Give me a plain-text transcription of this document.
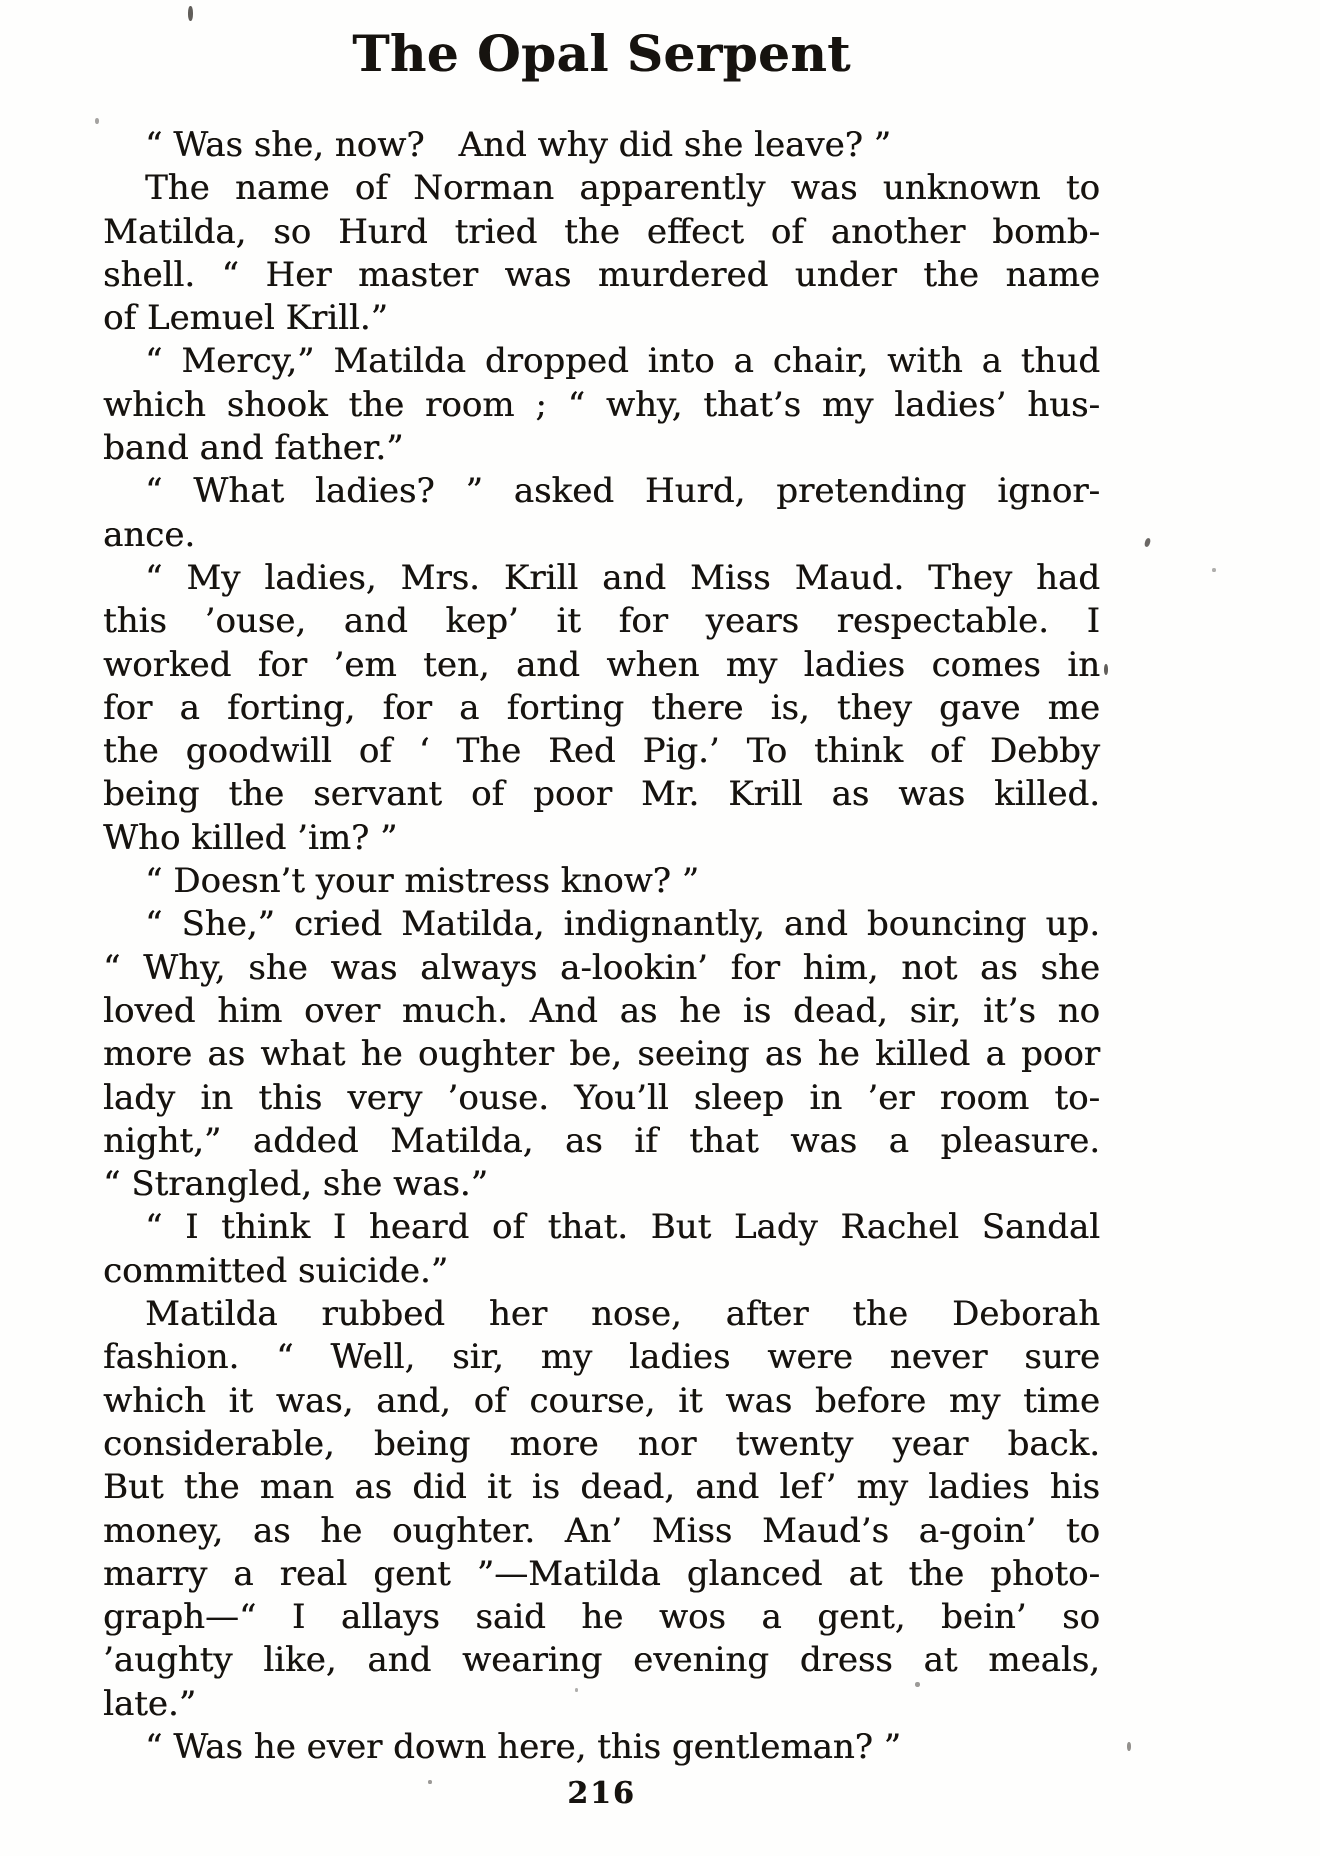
The Opal Serpent
“ Was she, now? And why did she leave? ”
The name of Norman apparently was unknown to
Matilda, so Hurd tried the effect of another bomb-
shell. “ Her master was murdered under the name
of Lemuel Krill.”
“ Mercy,” Matilda dropped into a chair, with a thud
which shook the room ; “ why, that’s my ladies’ hus-
band and father.”
“ What ladies? ” asked Hurd, pretending ignor-
ance.
“ My ladies, Mrs. Krill and Miss Maud. They had
this ’ouse, and kep’ it for years respectable. I
worked for ’em ten, and when my ladies comes in
for a forting, for a forting there is, they gave me
the goodwill of ‘ The Red Pig.’ To think of Debby
being the servant of poor Mr. Krill as was killed.
Who killed ’im? ”
“ Doesn’t your mistress know? ”
“ She,” cried Matilda, indignantly, and bouncing up.
“ Why, she was always a-lookin’ for him, not as she
loved him over much. And as he is dead, sir, it’s no
more as what he oughter be, seeing as he killed a poor
lady in this very ’ouse. You’ll sleep in ’er room to-
night,” added Matilda, as if that was a pleasure.
“ Strangled, she was.”
“ I think I heard of that. But Lady Rachel Sandal
committed suicide.”
Matilda rubbed her nose, after the Deborah
fashion. “ Well, sir, my ladies were never sure
which it was, and, of course, it was before my time
considerable, being more nor twenty year back.
But the man as did it is dead, and lef’ my ladies his
money, as he oughter. An’ Miss Maud’s a-goin’ to
marry a real gent ”—Matilda glanced at the photo-
graph—“ I allays said he wos a gent, bein’ so
’aughty like, and wearing evening dress at meals,
late.”
“ Was he ever down here, this gentleman? ”
216
